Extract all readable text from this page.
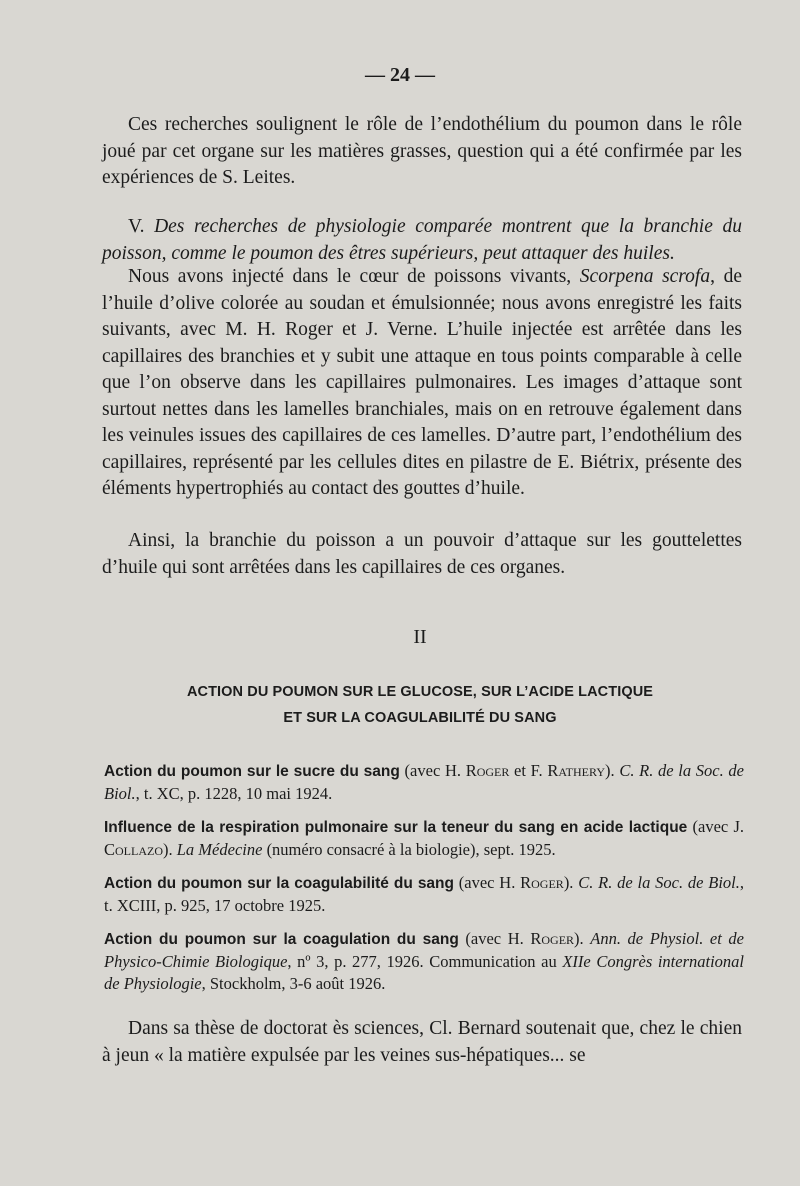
— 24 —

Ces recherches soulignent le rôle de l’endothélium du poumon dans le rôle joué par cet organe sur les matières grasses, question qui a été confirmée par les expériences de S. Leites.

V. Des recherches de physiologie comparée montrent que la branchie du poisson, comme le poumon des êtres supérieurs, peut attaquer des huiles.

Nous avons injecté dans le cœur de poissons vivants, Scorpena scrofa, de l’huile d’olive colorée au soudan et émulsionnée; nous avons enregistré les faits suivants, avec M. H. Roger et J. Verne. L’huile injectée est arrêtée dans les capillaires des branchies et y subit une attaque en tous points comparable à celle que l’on observe dans les capillaires pulmonaires. Les images d’attaque sont surtout nettes dans les lamelles branchiales, mais on en retrouve également dans les veinules issues des capillaires de ces lamelles. D’autre part, l’endothélium des capillaires, représenté par les cellules dites en pilastre de E. Biétrix, présente des éléments hypertrophiés au contact des gouttes d’huile.

Ainsi, la branchie du poisson a un pouvoir d’attaque sur les gouttelettes d’huile qui sont arrêtées dans les capillaires de ces organes.

II
ACTION DU POUMON SUR LE GLUCOSE, SUR L’ACIDE LACTIQUE
ET SUR LA COAGULABILITÉ DU SANG

Action du poumon sur le sucre du sang (avec H. Roger et F. Rathery). C. R. de la Soc. de Biol., t. XC, p. 1228, 10 mai 1924.

Influence de la respiration pulmonaire sur la teneur du sang en acide lactique (avec J. Collazo). La Médecine (numéro consacré à la biologie), sept. 1925.

Action du poumon sur la coagulabilité du sang (avec H. Roger). C. R. de la Soc. de Biol., t. XCIII, p. 925, 17 octobre 1925.

Action du poumon sur la coagulation du sang (avec H. Roger). Ann. de Physiol. et de Physico-Chimie Biologique, nº 3, p. 277, 1926. Communication au XIIe Congrès international de Physiologie, Stockholm, 3-6 août 1926.

Dans sa thèse de doctorat ès sciences, Cl. Bernard soutenait que, chez le chien à jeun « la matière expulsée par les veines sus-hépatiques... se
